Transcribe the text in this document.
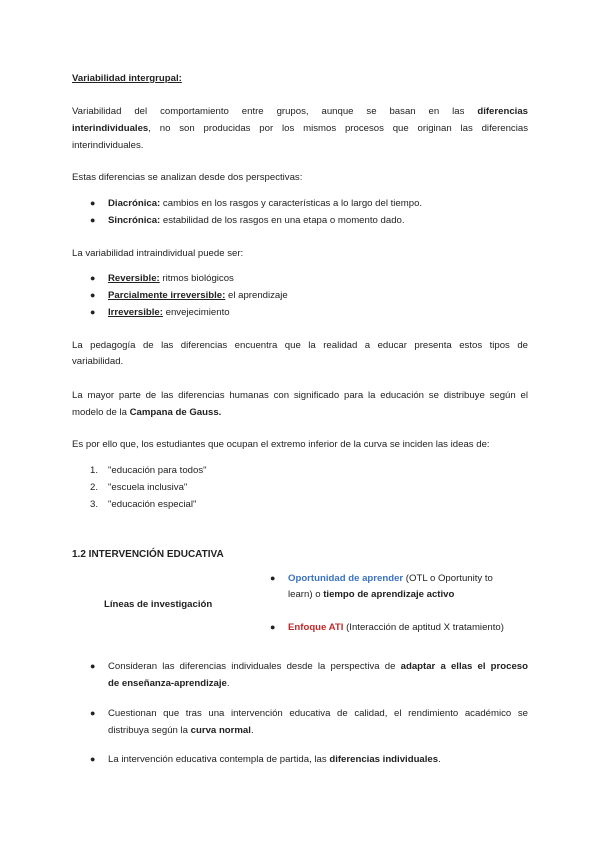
Variabilidad intergrupal:
Variabilidad del comportamiento entre grupos, aunque se basan en las diferencias
interindividuales, no son producidas por los mismos procesos que originan las diferencias
interindividuales.
Estas diferencias se analizan desde dos perspectivas:
● Diacrónica: cambios en los rasgos y características a lo largo del tiempo.
● Sincrónica: estabilidad de los rasgos en una etapa o momento dado.
La variabilidad intraindividual puede ser:
● Reversible: ritmos biológicos
● Parcialmente irreversible: el aprendizaje
● Irreversible: envejecimiento
La pedagogía de las diferencias encuentra que la realidad a educar presenta estos tipos de
variabilidad.
La mayor parte de las diferencias humanas con significado para la educación se distribuye según el
modelo de la Campana de Gauss.
Es por ello que, los estudiantes que ocupan el extremo inferior de la curva se inciden las ideas de:
1. "educación para todos"
2. "escuela inclusiva"
3. "educación especial"
1.2 INTERVENCIÓN EDUCATIVA
Líneas de investigación
● Oportunidad de aprender (OTL o Oportunity to
learn) o tiempo de aprendizaje activo
● Enfoque ATI (Interacción de aptitud X tratamiento)
● Consideran las diferencias individuales desde la perspectiva de adaptar a ellas el proceso
de enseñanza-aprendizaje.
● Cuestionan que tras una intervención educativa de calidad, el rendimiento académico se
distribuya según la curva normal.
● La intervención educativa contempla de partida, las diferencias individuales.
